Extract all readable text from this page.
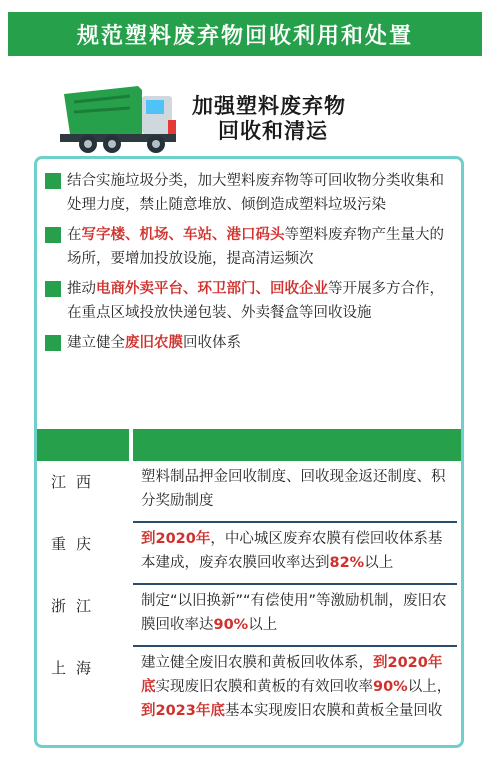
规范塑料废弃物回收利用和处置
加强塑料废弃物
回收和清运
结合实施垃圾分类，加大塑料废弃物等可回收物分类收集和处理力度，禁止随意堆放、倾倒造成塑料垃圾污染
在写字楼、机场、车站、港口码头等塑料废弃物产生量大的场所，要增加投放设施，提高清运频次
推动电商外卖平台、环卫部门、回收企业等开展多方合作，在重点区域投放快递包装、外卖餐盒等回收设施
建立健全废旧农膜回收体系
江西	塑料制品押金回收制度、回收现金返还制度、积分奖励制度
重庆	到2020年，中心城区废弃农膜有偿回收体系基本建成，废弃农膜回收率达到82%以上
浙江	制定“以旧换新”“有偿使用”等激励机制，废旧农膜回收率达90%以上
上海	建立健全废旧农膜和黄板回收体系，到2020年底实现废旧农膜和黄板的有效回收率90%以上，到2023年底基本实现废旧农膜和黄板全量回收
